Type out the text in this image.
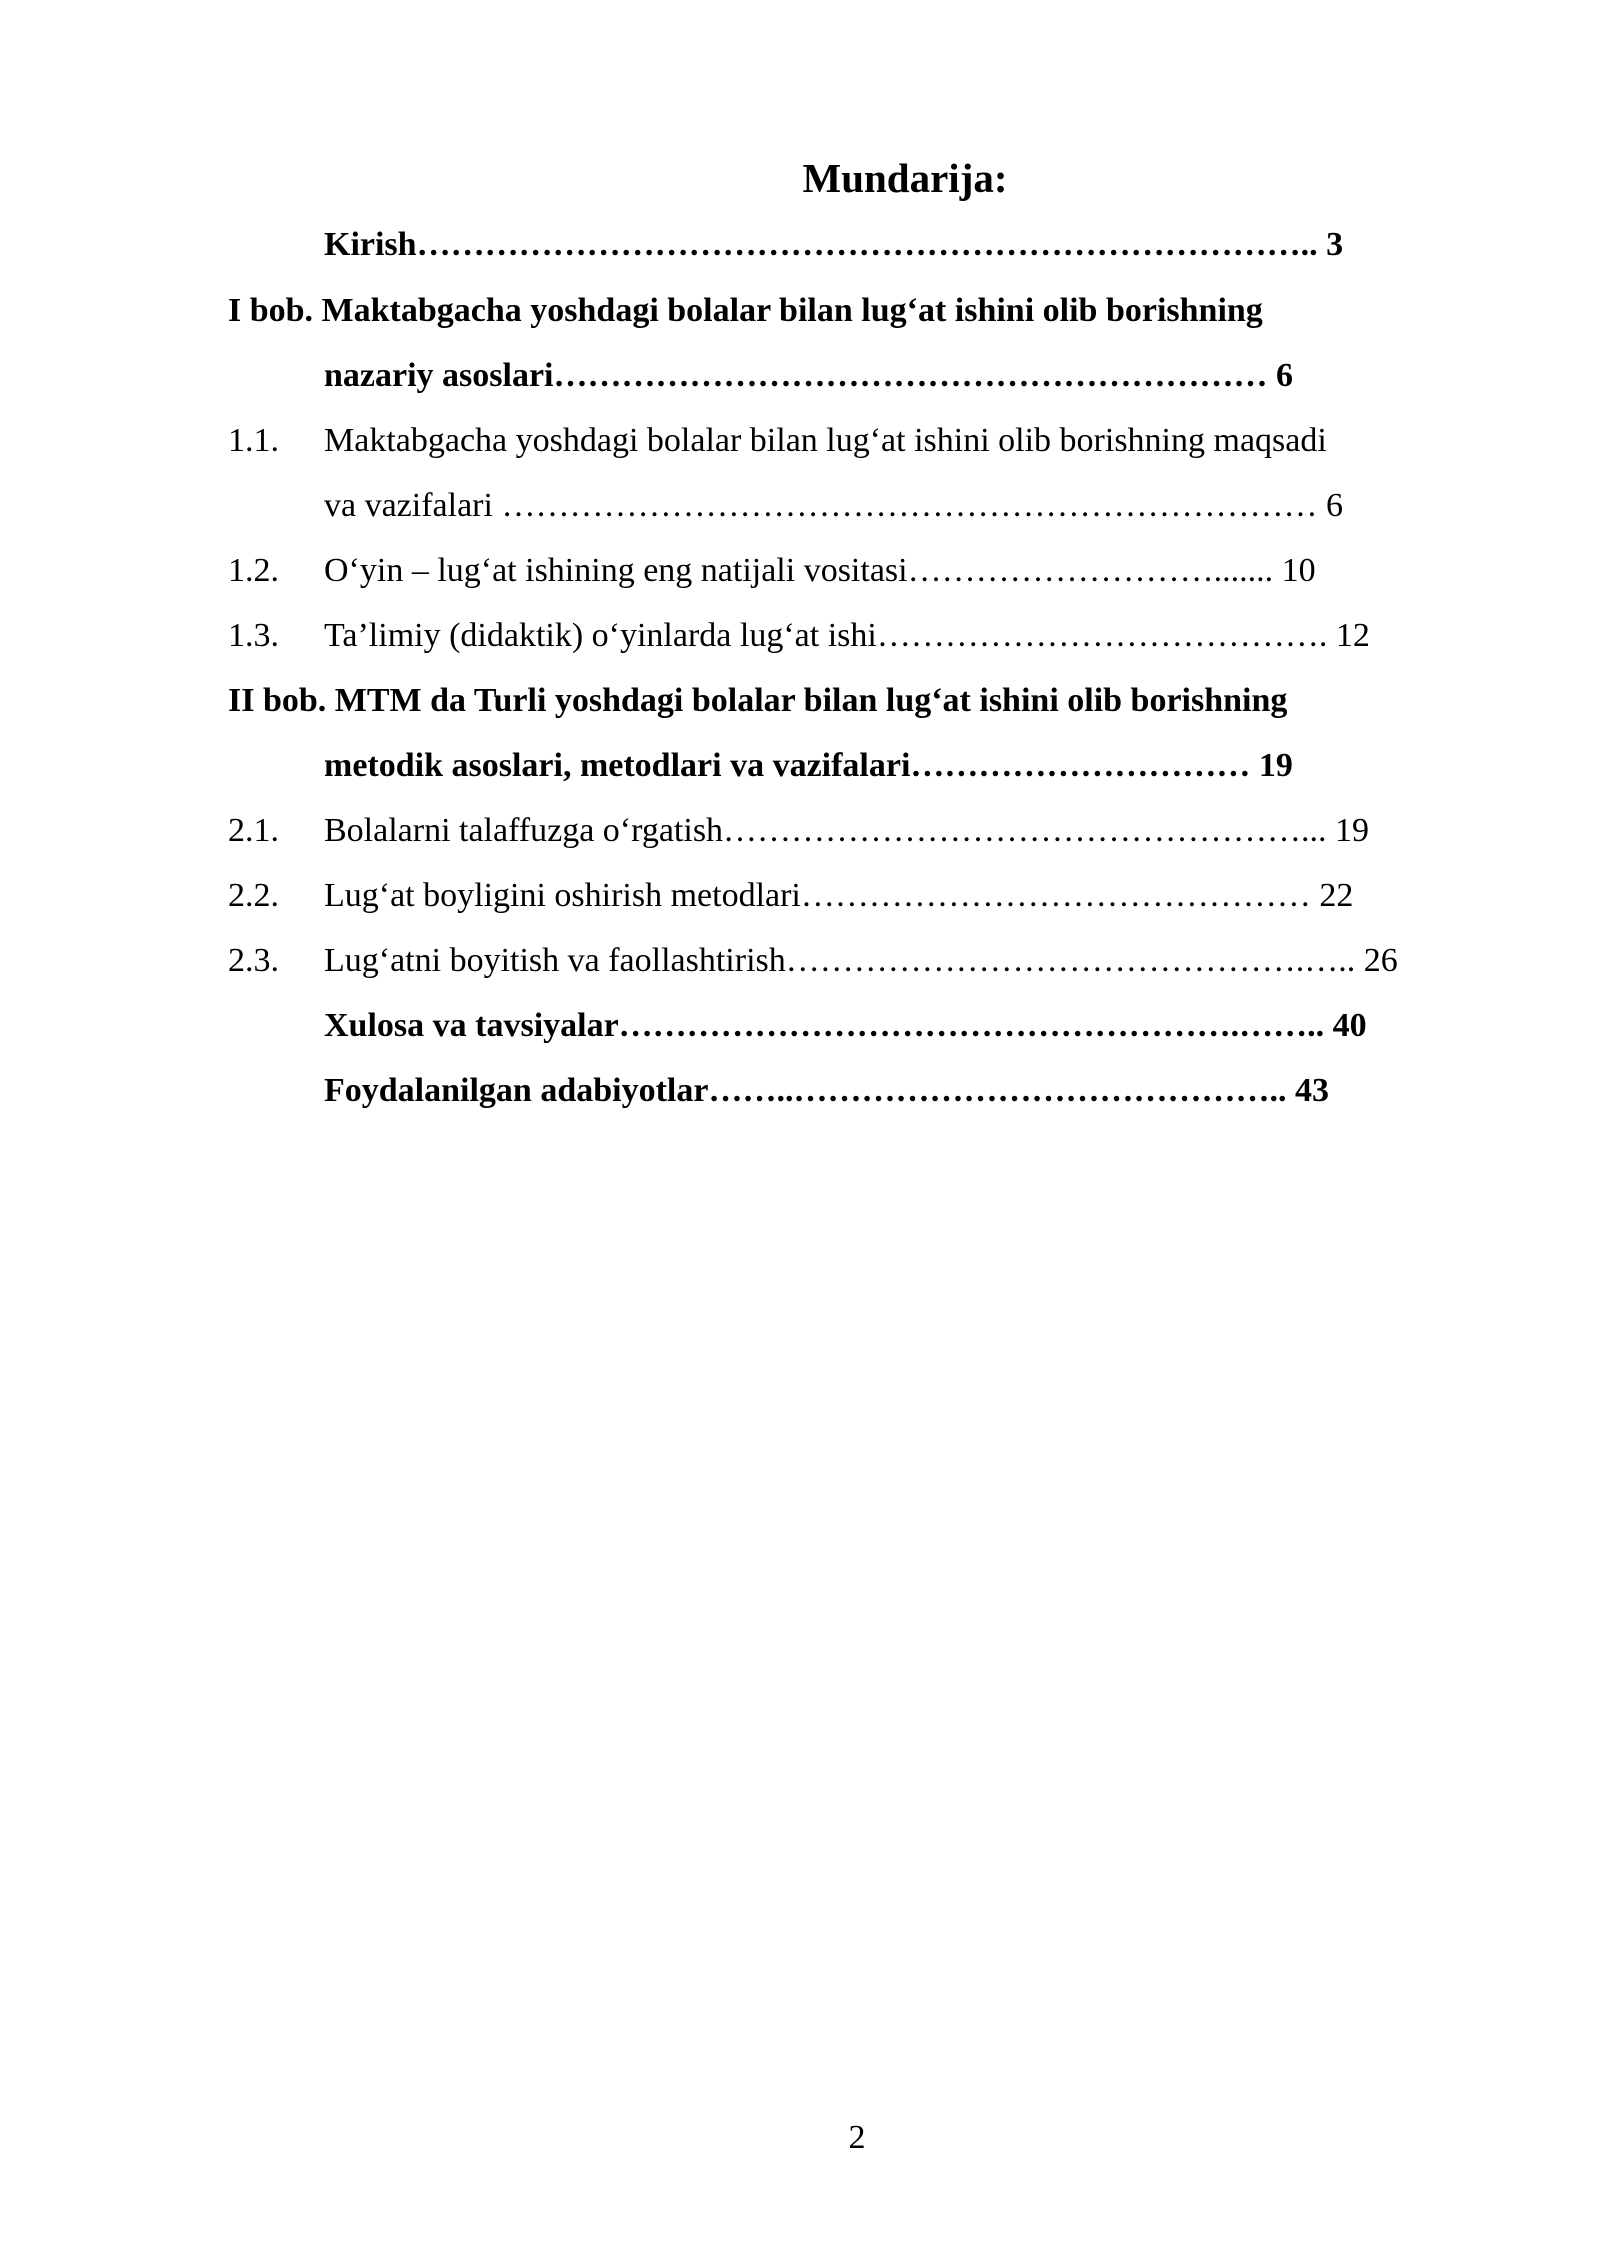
Mundarija:
Kirish…………………………………………………………………….. 3
I bob. Maktabgacha yoshdagi bolalar bilan lug‘at ishini olib borishning
nazariy asoslari……………………………………………………… 6
1.1. Maktabgacha yoshdagi bolalar bilan lug‘at ishini olib borishning maqsadi
va vazifalari ……………………………………………………………… 6
1.2. O‘yin – lug‘at ishining eng natijali vositasi………………………....... 10
1.3. Ta’limiy (didaktik) o‘yinlarda lug‘at ishi…………………………………. 12
II bob. MTM da Turli yoshdagi bolalar bilan lug‘at ishini olib borishning
metodik asoslari, metodlari va vazifalari………………………… 19
2.1. Bolalarni talaffuzga o‘rgatish……………………………………………... 19
2.2. Lug‘at boyligini oshirish metodlari……………………………………… 22
2.3. Lug‘atni boyitish va faollashtirish……………………………………….….. 26
Xulosa va tavsiyalar……………………………………………….…….. 40
Foydalanilgan adabiyotlar……..…………………………………….. 43
2
